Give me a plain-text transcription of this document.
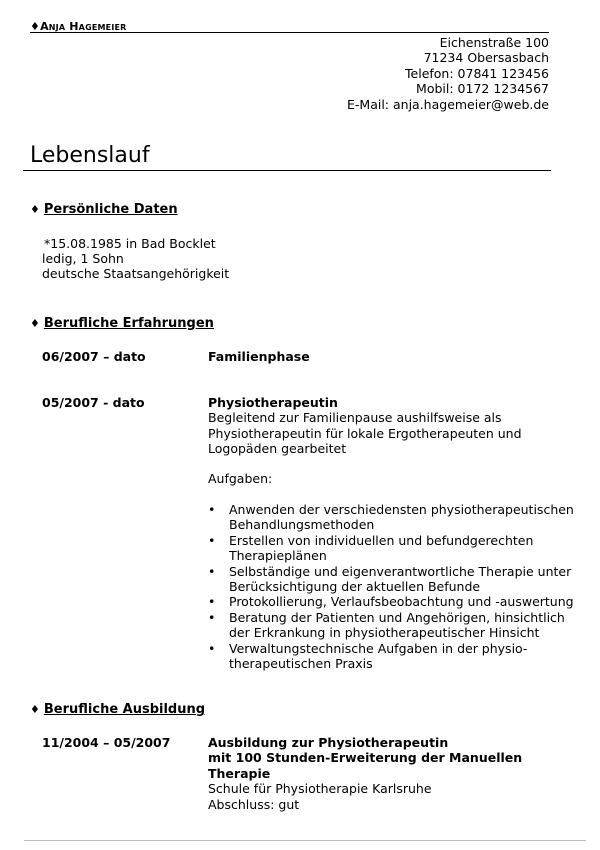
♦Anja Hagemeier
Eichenstraße 100
71234 Obersasbach
Telefon: 07841 123456
Mobil: 0172 1234567
E-Mail: anja.hagemeier@web.de
Lebenslauf
♦ Persönliche Daten
*15.08.1985 in Bad Bocklet
ledig, 1 Sohn
deutsche Staatsangehörigkeit
♦ Berufliche Erfahrungen
06/2007 – dato	Familienphase
05/2007 - dato	Physiotherapeutin
Begleitend zur Familienpause aushilfsweise als
Physiotherapeutin für lokale Ergotherapeuten und
Logopäden gearbeitet
Aufgaben:
• Anwenden der verschiedensten physiotherapeutischen
Behandlungsmethoden
• Erstellen von individuellen und befundgerechten
Therapieplänen
• Selbständige und eigenverantwortliche Therapie unter
Berücksichtigung der aktuellen Befunde
• Protokollierung, Verlaufsbeobachtung und -auswertung
• Beratung der Patienten und Angehörigen, hinsichtlich
der Erkrankung in physiotherapeutischer Hinsicht
• Verwaltungstechnische Aufgaben in der physio-
therapeutischen Praxis
♦ Berufliche Ausbildung
11/2004 – 05/2007	Ausbildung zur Physiotherapeutin
mit 100 Stunden-Erweiterung der Manuellen
Therapie
Schule für Physiotherapie Karlsruhe
Abschluss: gut
